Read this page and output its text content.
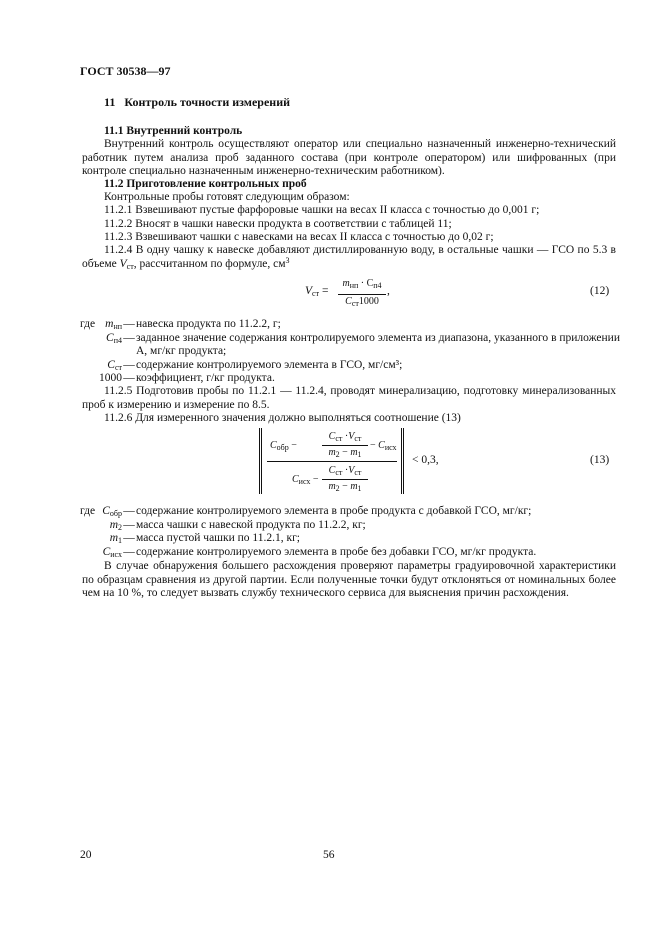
ГОСТ 30538—97
11 Контроль точности измерений
11.1 Внутренний контроль
Внутренний контроль осуществляют оператор или специально назначенный инженерно-технический работник путем анализа проб заданного состава (при контроле оператором) или шифрованных (при контроле специально назначенным инженерно-техническим работником).
11.2 Приготовление контрольных проб
Контрольные пробы готовят следующим образом:
11.2.1 Взвешивают пустые фарфоровые чашки на весах II класса с точностью до 0,001 г;
11.2.2 Вносят в чашки навески продукта в соответствии с таблицей 11;
11.2.3 Взвешивают чашки с навесками на весах II класса с точностью до 0,02 г;
11.2.4 В одну чашку к навеске добавляют дистиллированную воду, в остальные чашки — ГСО по 5.3 в объеме $V_{ст}$, рассчитанном по формуле, $см^3$
$V_{ст}$ =
$m_{нп} \cdot C_{п4}$
$C_{ст}1000$
,	(12)
где $m_{нп}$ — навеска продукта по 11.2.2, г;
$C_{п4}$ — заданное значение содержания контролируемого элемента из диапазона, указанного в приложении А, мг/кг продукта;
$C_{ст}$ — содержание контролируемого элемента в ГСО, мг/см³;
1000 — коэффициент, г/кг продукта.
11.2.5 Подготовив пробы по 11.2.1 — 11.2.4, проводят минерализацию, подготовку минерализованных проб к измерению и измерение по 8.5.
11.2.6 Для измеренного значения должно выполняться соотношение (13)
$C_{обр}$ −
$C_{ст} \cdot V_{ст}$
$m_2 - m_1$
− $C_{исх}$
$C_{исх}$ −
$C_{ст} \cdot V_{ст}$
$m_2 - m_1$
< 0,3,	(13)
где $C_{обр}$ — содержание контролируемого элемента в пробе продукта с добавкой ГСО, мг/кг;
$m_2$ — масса чашки с навеской продукта по 11.2.2, кг;
$m_1$ — масса пустой чашки по 11.2.1, кг;
$C_{исх}$ — содержание контролируемого элемента в пробе без добавки ГСО, мг/кг продукта.
В случае обнаружения большего расхождения проверяют параметры градуировочной характеристики по образцам сравнения из другой партии. Если полученные точки будут отклоняться от номинальных более чем на 10 %, то следует вызвать службу технического сервиса для выяснения причин расхождения.
20	56
